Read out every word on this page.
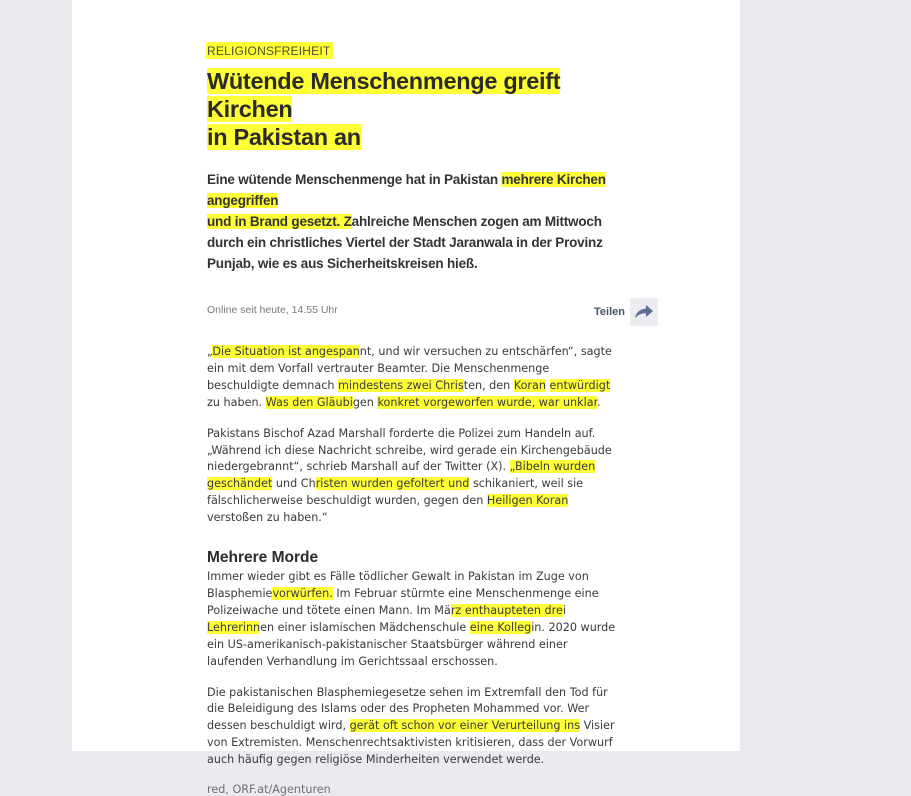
RELIGIONSFREIHEIT
Wütende Menschenmenge greift Kirchen
in Pakistan an

Eine wütende Menschenmenge hat in Pakistan mehrere Kirchen angegriffen
und in Brand gesetzt. Zahlreiche Menschen zogen am Mittwoch durch ein christliches Viertel der Stadt Jaranwala in der Provinz Punjab, wie es aus Sicherheitskreisen hieß.

Online seit heute, 14.55 Uhr	Teilen

„Die Situation ist angespannt, und wir versuchen zu entschärfen“, sagte ein mit dem Vorfall vertrauter Beamter. Die Menschenmenge beschuldigte demnach mindestens zwei Christen, den Koran entwürdigt zu haben. Was den Gläubigen konkret vorgeworfen wurde, war unklar.

Pakistans Bischof Azad Marshall forderte die Polizei zum Handeln auf. „Während ich diese Nachricht schreibe, wird gerade ein Kirchengebäude niedergebrannt“, schrieb Marshall auf der Twitter (X). „Bibeln wurden geschändet und Christen wurden gefoltert und schikaniert, weil sie fälschlicherweise beschuldigt wurden, gegen den Heiligen Koran verstoßen zu haben.“

Mehrere Morde

Immer wieder gibt es Fälle tödlicher Gewalt in Pakistan im Zuge von Blasphemievorwürfen. Im Februar stürmte eine Menschenmenge eine Polizeiwache und tötete einen Mann. Im März enthaupteten drei Lehrerinnen einer islamischen Mädchenschule eine Kollegin. 2020 wurde ein US-amerikanisch-pakistanischer Staatsbürger während einer laufenden Verhandlung im Gerichtssaal erschossen.

Die pakistanischen Blasphemiegesetze sehen im Extremfall den Tod für die Beleidigung des Islams oder des Propheten Mohammed vor. Wer dessen beschuldigt wird, gerät oft schon vor einer Verurteilung ins Visier von Extremisten. Menschenrechtsaktivisten kritisieren, dass der Vorwurf auch häufig gegen religiöse Minderheiten verwendet werde.

red, ORF.at/Agenturen
